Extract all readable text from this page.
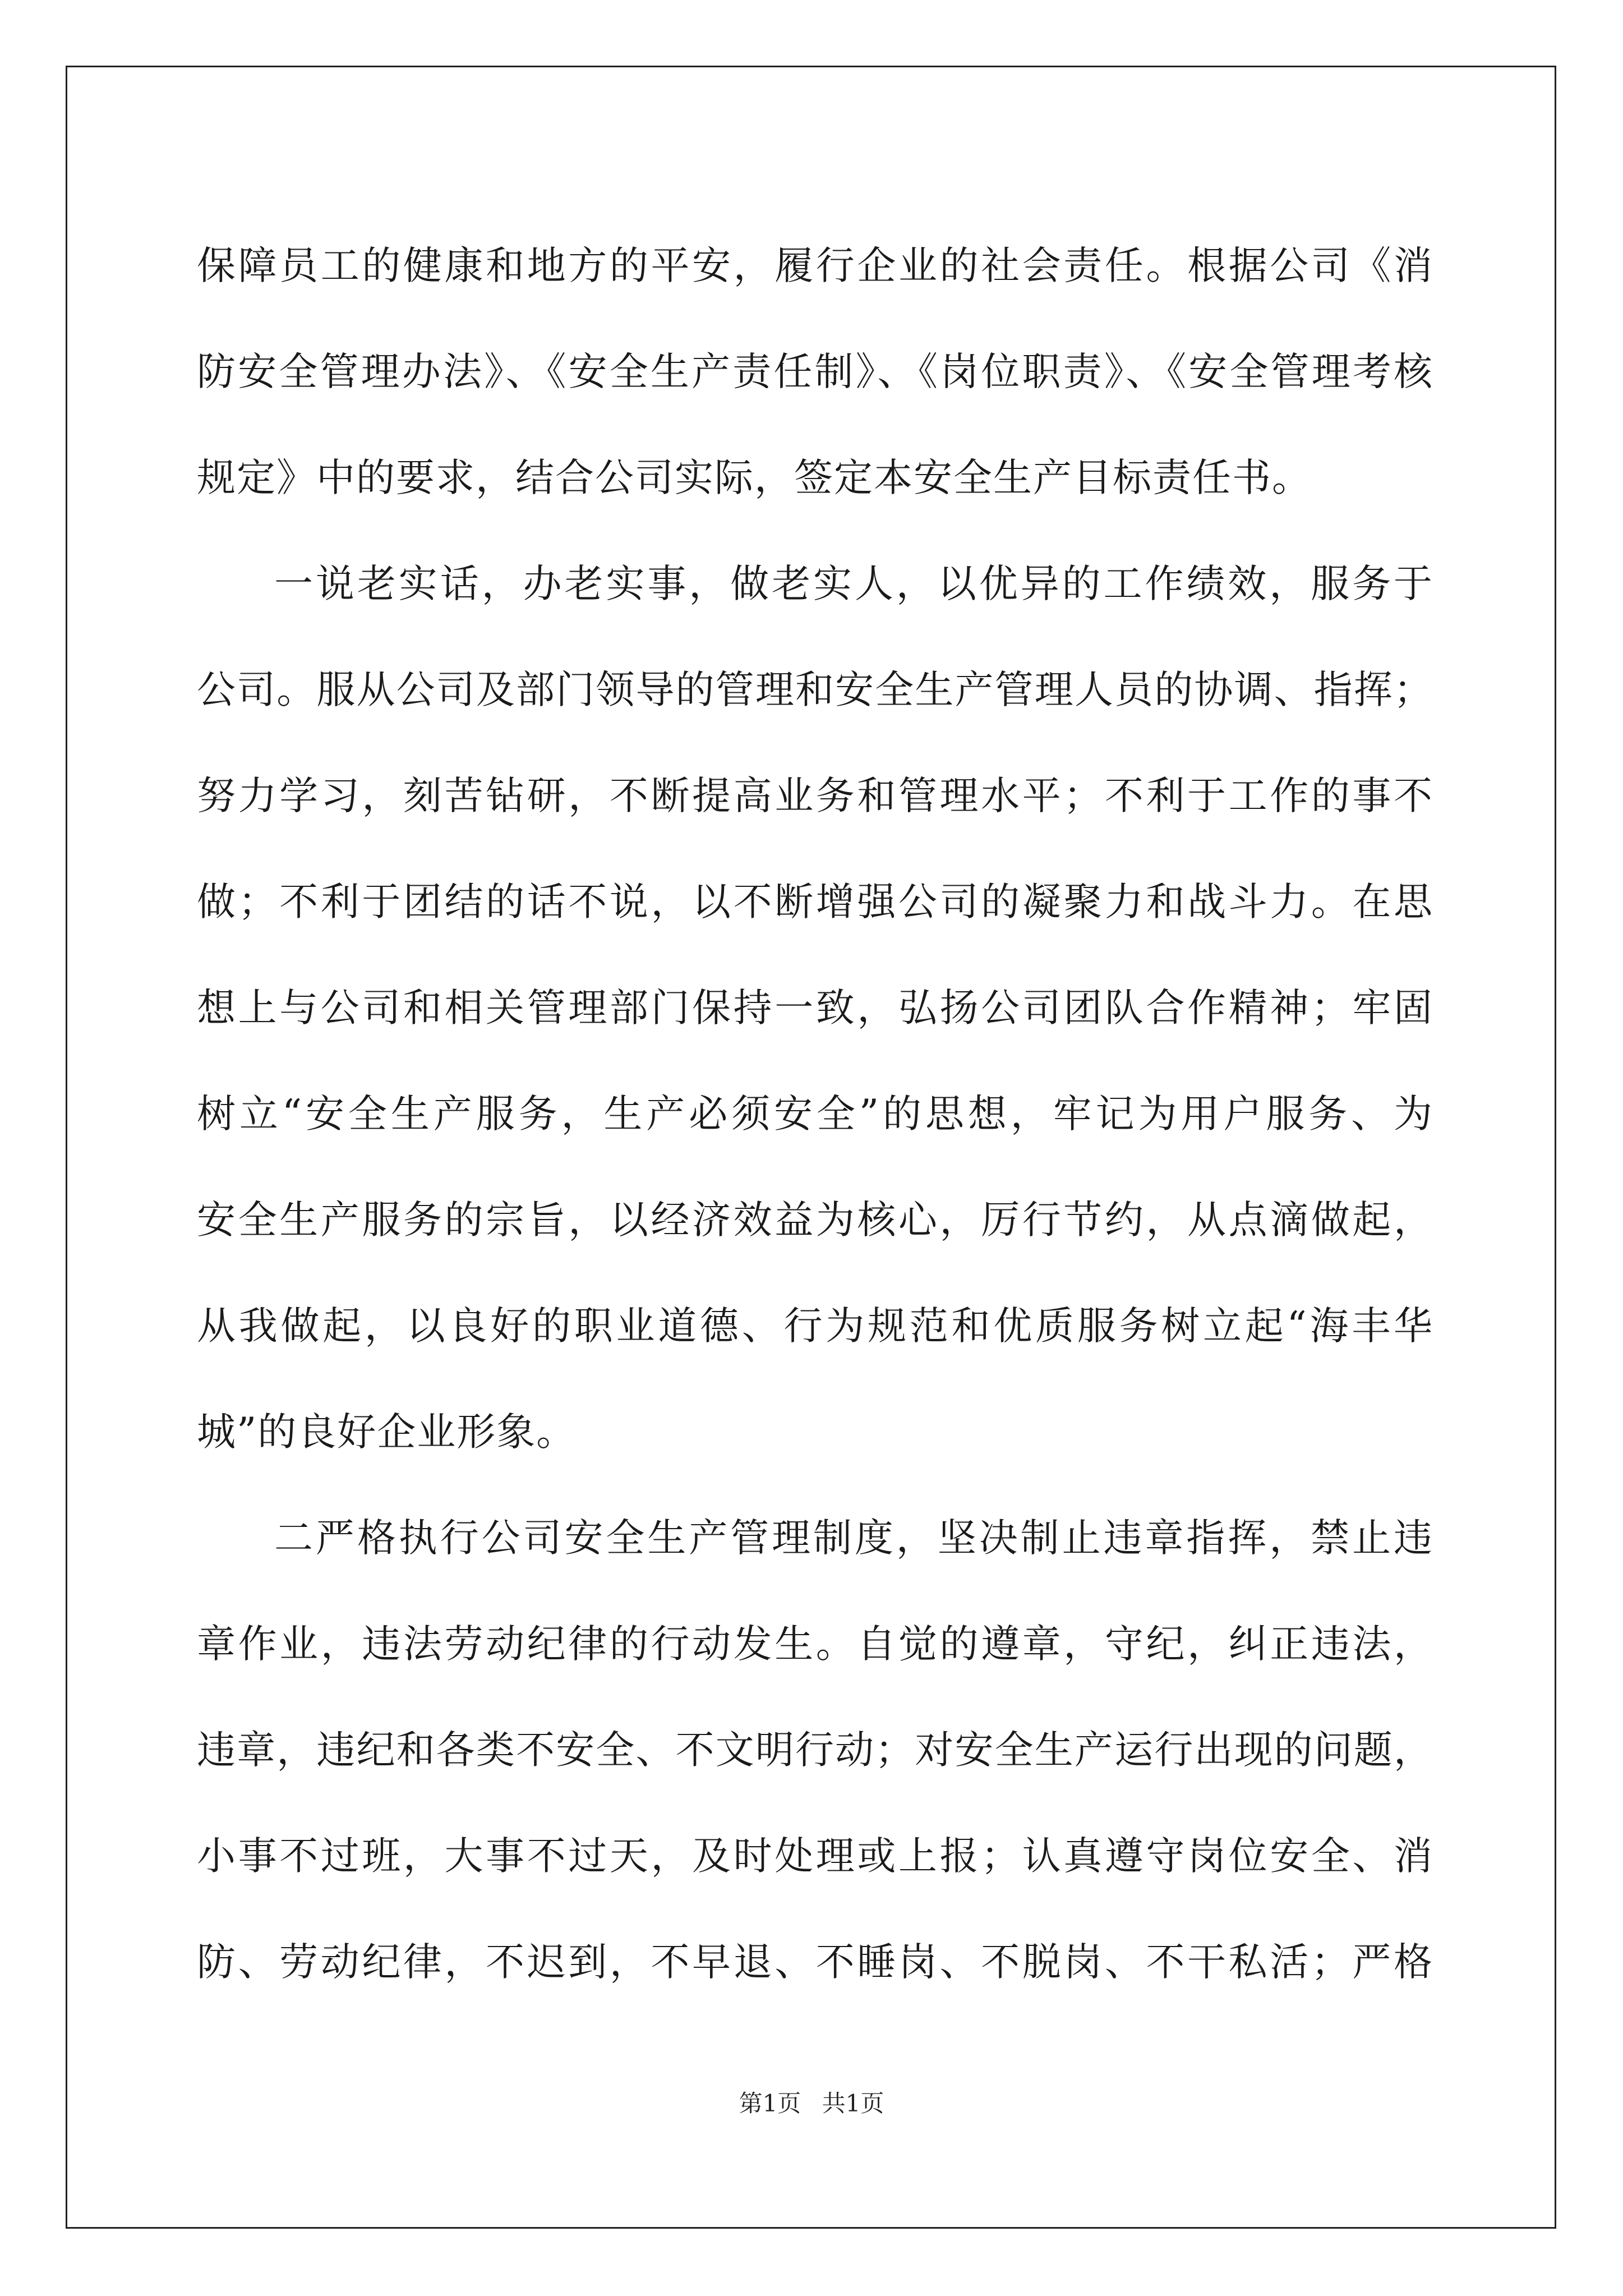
保障员工的健康和地方的平安，履行企业的社会责任。根据公司《消
防安全管理办法》、《安全生产责任制》、《岗位职责》、《安全管理考核
规定》中的要求，结合公司实际，签定本安全生产目标责任书。
一说老实话，办老实事，做老实人，以优异的工作绩效，服务于
公司。服从公司及部门领导的管理和安全生产管理人员的协调、指挥；
努力学习，刻苦钻研，不断提高业务和管理水平；不利于工作的事不
做；不利于团结的话不说，以不断增强公司的凝聚力和战斗力。在思
想上与公司和相关管理部门保持一致，弘扬公司团队合作精神；牢固
树立“安全生产服务，生产必须安全”的思想，牢记为用户服务、为
安全生产服务的宗旨，以经济效益为核心，厉行节约，从点滴做起，
从我做起，以良好的职业道德、行为规范和优质服务树立起“海丰华
城”的良好企业形象。
二严格执行公司安全生产管理制度，坚决制止违章指挥，禁止违
章作业，违法劳动纪律的行动发生。自觉的遵章，守纪，纠正违法，
违章，违纪和各类不安全、不文明行动；对安全生产运行出现的问题，
小事不过班，大事不过天，及时处理或上报；认真遵守岗位安全、消
防、劳动纪律，不迟到，不早退、不睡岗、不脱岗、不干私活；严格
第1页 共1页
